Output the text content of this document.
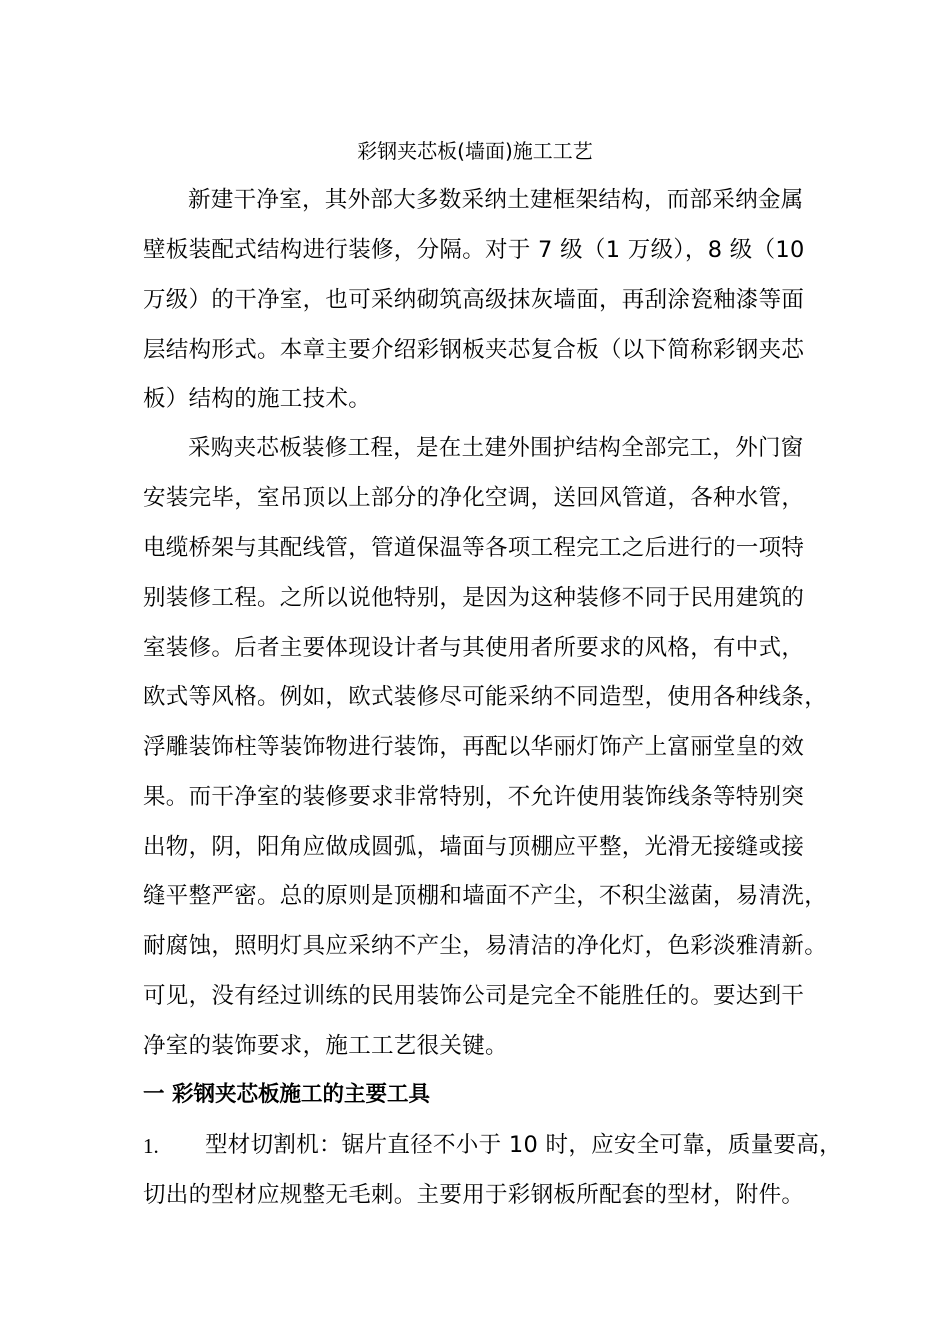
彩钢夹芯板(墙面)施工工艺
新建干净室，其外部大多数采纳土建框架结构，而部采纳金属
壁板装配式结构进行装修，分隔。对于 7 级（1 万级），8 级（10
万级）的干净室，也可采纳砌筑高级抹灰墙面，再刮涂瓷釉漆等面
层结构形式。本章主要介绍彩钢板夹芯复合板（以下简称彩钢夹芯
板）结构的施工技术。
采购夹芯板装修工程，是在土建外围护结构全部完工，外门窗
安装完毕，室吊顶以上部分的净化空调，送回风管道，各种水管，
电缆桥架与其配线管，管道保温等各项工程完工之后进行的一项特
别装修工程。之所以说他特别，是因为这种装修不同于民用建筑的
室装修。后者主要体现设计者与其使用者所要求的风格，有中式，
欧式等风格。例如，欧式装修尽可能采纳不同造型，使用各种线条，
浮雕装饰柱等装饰物进行装饰，再配以华丽灯饰产上富丽堂皇的效
果。而干净室的装修要求非常特别，不允许使用装饰线条等特别突
出物，阴，阳角应做成圆弧，墙面与顶棚应平整，光滑无接缝或接
缝平整严密。总的原则是顶棚和墙面不产尘，不积尘滋菌，易清洗，
耐腐蚀，照明灯具应采纳不产尘，易清洁的净化灯，色彩淡雅清新。
可见，没有经过训练的民用装饰公司是完全不能胜任的。要达到干
净室的装饰要求，施工工艺很关键。
一 彩钢夹芯板施工的主要工具
1. 型材切割机：锯片直径不小于 10 时，应安全可靠，质量要高，
切出的型材应规整无毛刺。主要用于彩钢板所配套的型材，附件。
